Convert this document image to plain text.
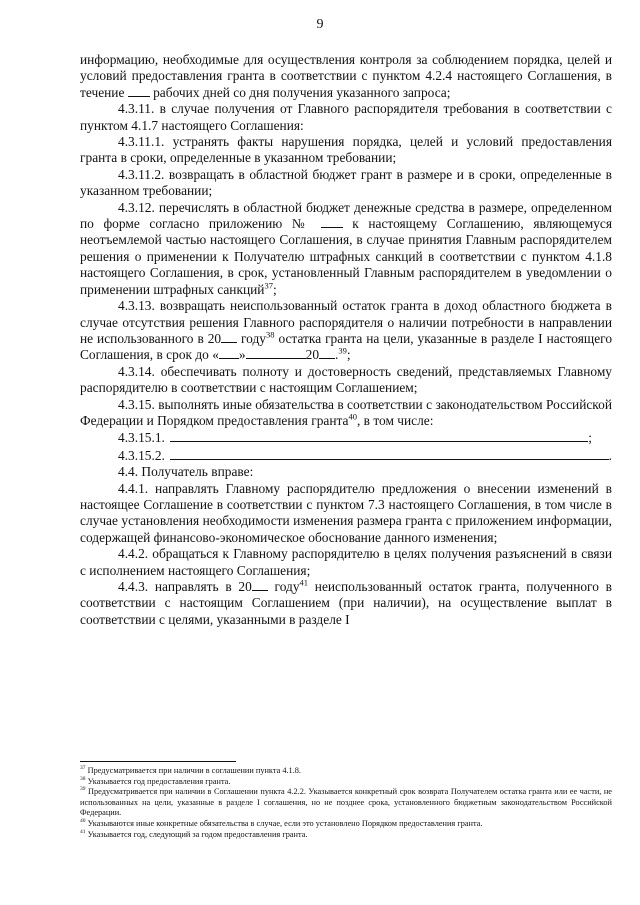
9

информацию, необходимые для осуществления контроля за соблюдением порядка, целей и условий предоставления гранта в соответствии с пунктом 4.2.4 настоящего Соглашения, в течение  рабочих дней со дня получения указанного запроса;

4.3.11. в случае получения от Главного распорядителя требования в соответствии с пунктом 4.1.7 настоящего Соглашения:

4.3.11.1. устранять факты нарушения порядка, целей и условий предоставления гранта в сроки, определенные в указанном требовании;

4.3.11.2. возвращать в областной бюджет грант в размере и в сроки, определенные в указанном требовании;

4.3.12. перечислять в областной бюджет денежные средства в размере, определенном по форме согласно приложению №  к настоящему Соглашению, являющемуся неотъемлемой частью настоящего Соглашения, в случае принятия Главным распорядителем решения о применении к Получателю штрафных санкций в соответствии с пунктом 4.1.8 настоящего Соглашения, в срок, установленный Главным распорядителем в уведомлении о применении штрафных санкций$^{37}$;

4.3.13. возвращать неиспользованный остаток гранта в доход областного бюджета в случае отсутствия решения Главного распорядителя о наличии потребности в направлении не использованного в 20 году$^{38}$ остатка гранта на цели, указанные в разделе I настоящего Соглашения, в срок до « »	20 .$^{39}$;

4.3.14. обеспечивать полноту и достоверность сведений, представляемых Главному распорядителю в соответствии с настоящим Соглашением;

4.3.15. выполнять иные обязательства в соответствии с законодательством Российской Федерации и Порядком предоставления гранта$^{40}$, в том числе:

4.3.15.1.	;
4.3.15.2.	.

4.4. Получатель вправе:

4.4.1. направлять Главному распорядителю предложения о внесении изменений в настоящее Соглашение в соответствии с пунктом 7.3 настоящего Соглашения, в том числе в случае установления необходимости изменения размера гранта с приложением информации, содержащей финансово-экономическое обоснование данного изменения;

4.4.2. обращаться к Главному распорядителю в целях получения разъяснений в связи с исполнением настоящего Соглашения;

4.4.3. направлять в 20 году$^{41}$ неиспользованный остаток гранта, полученного в соответствии с настоящим Соглашением (при наличии), на осуществление выплат в соответствии с целями, указанными в разделе I

$^{37}$ Предусматривается при наличии в соглашении пункта 4.1.8.

$^{38}$ Указывается год предоставления гранта.

$^{39}$ Предусматривается при наличии в Соглашении пункта 4.2.2. Указывается конкретный срок возврата Получателем остатка гранта или ее части, не использованных на цели, указанные в разделе I соглашения, но не позднее срока, установленного бюджетным законодательством Российской Федерации.

$^{40}$ Указываются иные конкретные обязательства в случае, если это установлено Порядком предоставления гранта.

$^{41}$ Указывается год, следующий за годом предоставления гранта.
